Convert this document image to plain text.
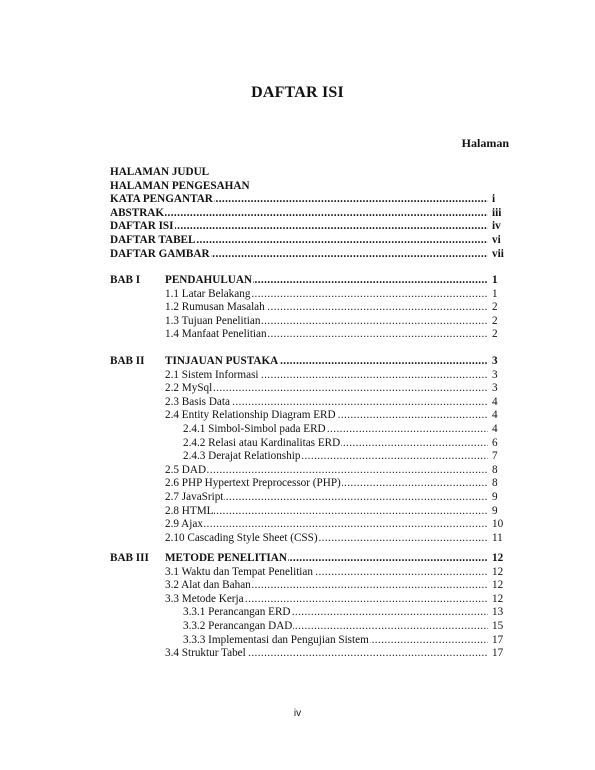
DAFTAR ISI
Halaman
HALAMAN JUDUL
HALAMAN PENGESAHAN
KATA PENGANTAR .....	i
ABSTRAK .....	iii
DAFTAR ISI .....	iv
DAFTAR TABEL .....	vi
DAFTAR GAMBAR .....	vii
BAB I PENDAHULUAN .....	1
1.1 Latar Belakang .....	1
1.2 Rumusan Masalah .....	2
1.3 Tujuan Penelitian .....	2
1.4 Manfaat Penelitian .....	2
BAB II TINJAUAN PUSTAKA .....	3
2.1 Sistem Informasi .....	3
2.2 MySql .....	3
2.3 Basis Data .....	4
2.4 Entity Relationship Diagram ERD .....	4
2.4.1 Simbol-Simbol pada ERD .....	4
2.4.2 Relasi atau Kardinalitas ERD .....	6
2.4.3 Derajat Relationship .....	7
2.5 DAD .....	8
2.6 PHP Hypertext Preprocessor (PHP) .....	8
2.7 JavaSript .....	9
2.8 HTML .....	9
2.9 Ajax .....	10
2.10 Cascading Style Sheet (CSS) .....	11
BAB III METODE PENELITIAN .....	12
3.1 Waktu dan Tempat Penelitian .....	12
3.2 Alat dan Bahan .....	12
3.3 Metode Kerja .....	12
3.3.1 Perancangan ERD .....	13
3.3.2 Perancangan DAD .....	15
3.3.3 Implementasi dan Pengujian Sistem .....	17
3.4 Struktur Tabel .....	17
iv
